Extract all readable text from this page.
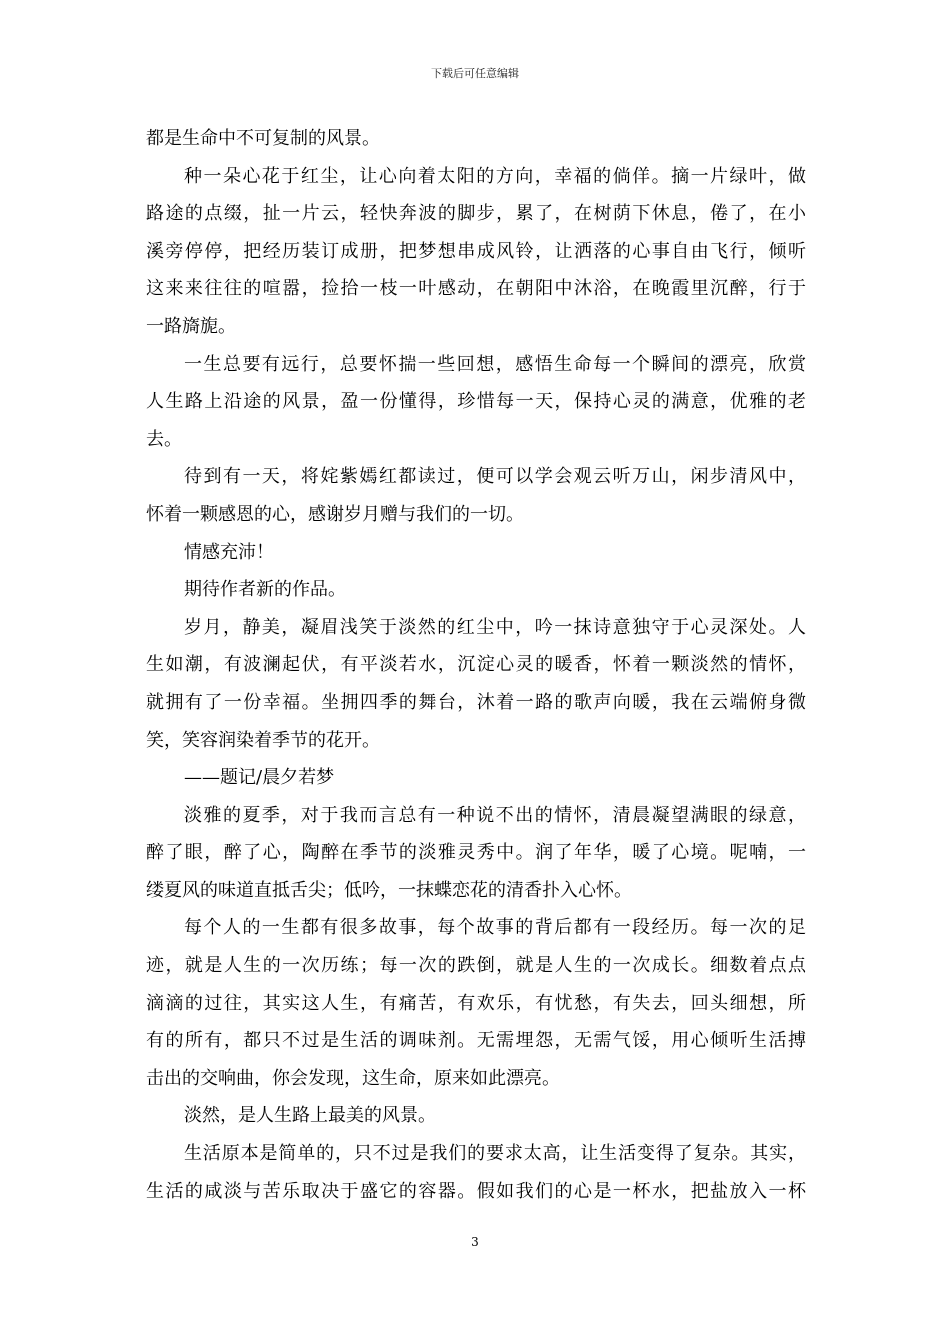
下载后可任意编辑
都是生命中不可复制的风景。
种一朵心花于红尘，让心向着太阳的方向，幸福的倘佯。摘一片绿叶，做
路途的点缀，扯一片云，轻快奔波的脚步，累了，在树荫下休息，倦了，在小
溪旁停停，把经历装订成册，把梦想串成风铃，让洒落的心事自由飞行，倾听
这来来往往的喧嚣，捡拾一枝一叶感动，在朝阳中沐浴，在晚霞里沉醉，行于
一路旖旎。
一生总要有远行，总要怀揣一些回想，感悟生命每一个瞬间的漂亮，欣赏
人生路上沿途的风景，盈一份懂得，珍惜每一天，保持心灵的满意，优雅的老
去。
待到有一天，将姹紫嫣红都读过，便可以学会观云听万山，闲步清风中，
怀着一颗感恩的心，感谢岁月赠与我们的一切。
情感充沛！
期待作者新的作品。
岁月，静美，凝眉浅笑于淡然的红尘中，吟一抹诗意独守于心灵深处。人
生如潮，有波澜起伏，有平淡若水，沉淀心灵的暖香，怀着一颗淡然的情怀，
就拥有了一份幸福。坐拥四季的舞台，沐着一路的歌声向暖，我在云端俯身微
笑，笑容润染着季节的花开。
——题记/晨夕若梦
淡雅的夏季，对于我而言总有一种说不出的情怀，清晨凝望满眼的绿意，
醉了眼，醉了心，陶醉在季节的淡雅灵秀中。润了年华，暖了心境。呢喃，一
缕夏风的味道直抵舌尖；低吟，一抹蝶恋花的清香扑入心怀。
每个人的一生都有很多故事，每个故事的背后都有一段经历。每一次的足
迹，就是人生的一次历练；每一次的跌倒，就是人生的一次成长。细数着点点
滴滴的过往，其实这人生，有痛苦，有欢乐，有忧愁，有失去，回头细想，所
有的所有，都只不过是生活的调味剂。无需埋怨，无需气馁，用心倾听生活搏
击出的交响曲，你会发现，这生命，原来如此漂亮。
淡然，是人生路上最美的风景。
生活原本是简单的，只不过是我们的要求太高，让生活变得了复杂。其实，
生活的咸淡与苦乐取决于盛它的容器。假如我们的心是一杯水，把盐放入一杯
3
